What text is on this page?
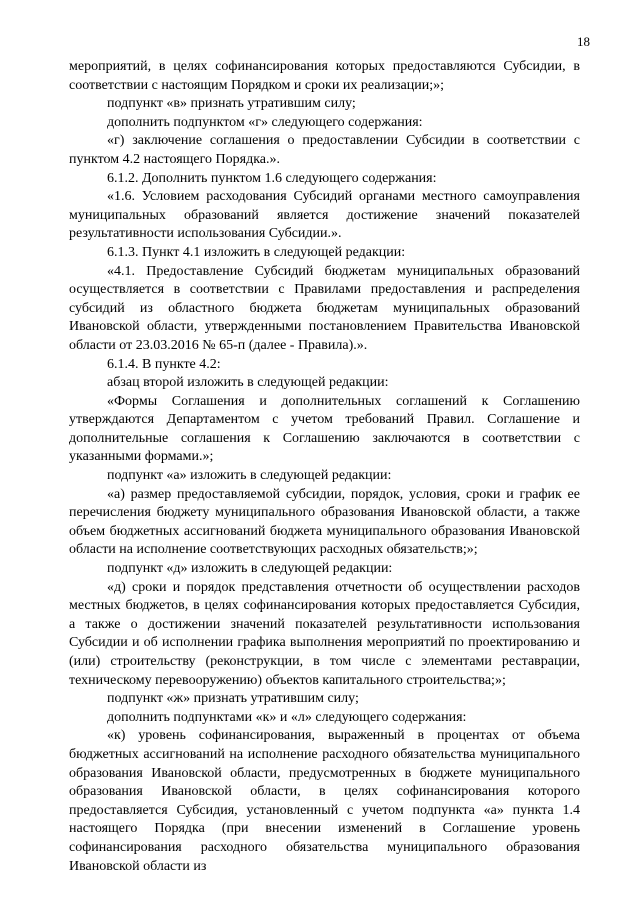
18

мероприятий, в целях софинансирования которых предоставляются Субсидии, в соответствии с настоящим Порядком и сроки их реализации;»;

подпункт «в» признать утратившим силу;

дополнить подпунктом «г» следующего содержания:

«г) заключение соглашения о предоставлении Субсидии в соответствии с пунктом 4.2 настоящего Порядка.».

6.1.2. Дополнить пунктом 1.6 следующего содержания:

«1.6. Условием расходования Субсидий органами местного самоуправления муниципальных образований является достижение значений показателей результативности использования Субсидии.».

6.1.3. Пункт 4.1 изложить в следующей редакции:

«4.1. Предоставление Субсидий бюджетам муниципальных образований осуществляется в соответствии с Правилами предоставления и распределения субсидий из областного бюджета бюджетам муниципальных образований Ивановской области, утвержденными постановлением Правительства Ивановской области от 23.03.2016 № 65-п (далее - Правила).».

6.1.4. В пункте 4.2:

абзац второй изложить в следующей редакции:

«Формы Соглашения и дополнительных соглашений к Соглашению утверждаются Департаментом с учетом требований Правил. Соглашение и дополнительные соглашения к Соглашению заключаются в соответствии с указанными формами.»;

подпункт «а» изложить в следующей редакции:

«а) размер предоставляемой субсидии, порядок, условия, сроки и график ее перечисления бюджету муниципального образования Ивановской области, а также объем бюджетных ассигнований бюджета муниципального образования Ивановской области на исполнение соответствующих расходных обязательств;»;

подпункт «д» изложить в следующей редакции:

«д) сроки и порядок представления отчетности об осуществлении расходов местных бюджетов, в целях софинансирования которых предоставляется Субсидия, а также о достижении значений показателей результативности использования Субсидии и об исполнении графика выполнения мероприятий по проектированию и (или) строительству (реконструкции, в том числе с элементами реставрации, техническому перевооружению) объектов капитального строительства;»;

подпункт «ж» признать утратившим силу;

дополнить подпунктами «к» и «л» следующего содержания:

«к) уровень софинансирования, выраженный в процентах от объема бюджетных ассигнований на исполнение расходного обязательства муниципального образования Ивановской области, предусмотренных в бюджете муниципального образования Ивановской области, в целях софинансирования которого предоставляется Субсидия, установленный с учетом подпункта «а» пункта 1.4 настоящего Порядка (при внесении изменений в Соглашение уровень софинансирования расходного обязательства муниципального образования Ивановской области из
